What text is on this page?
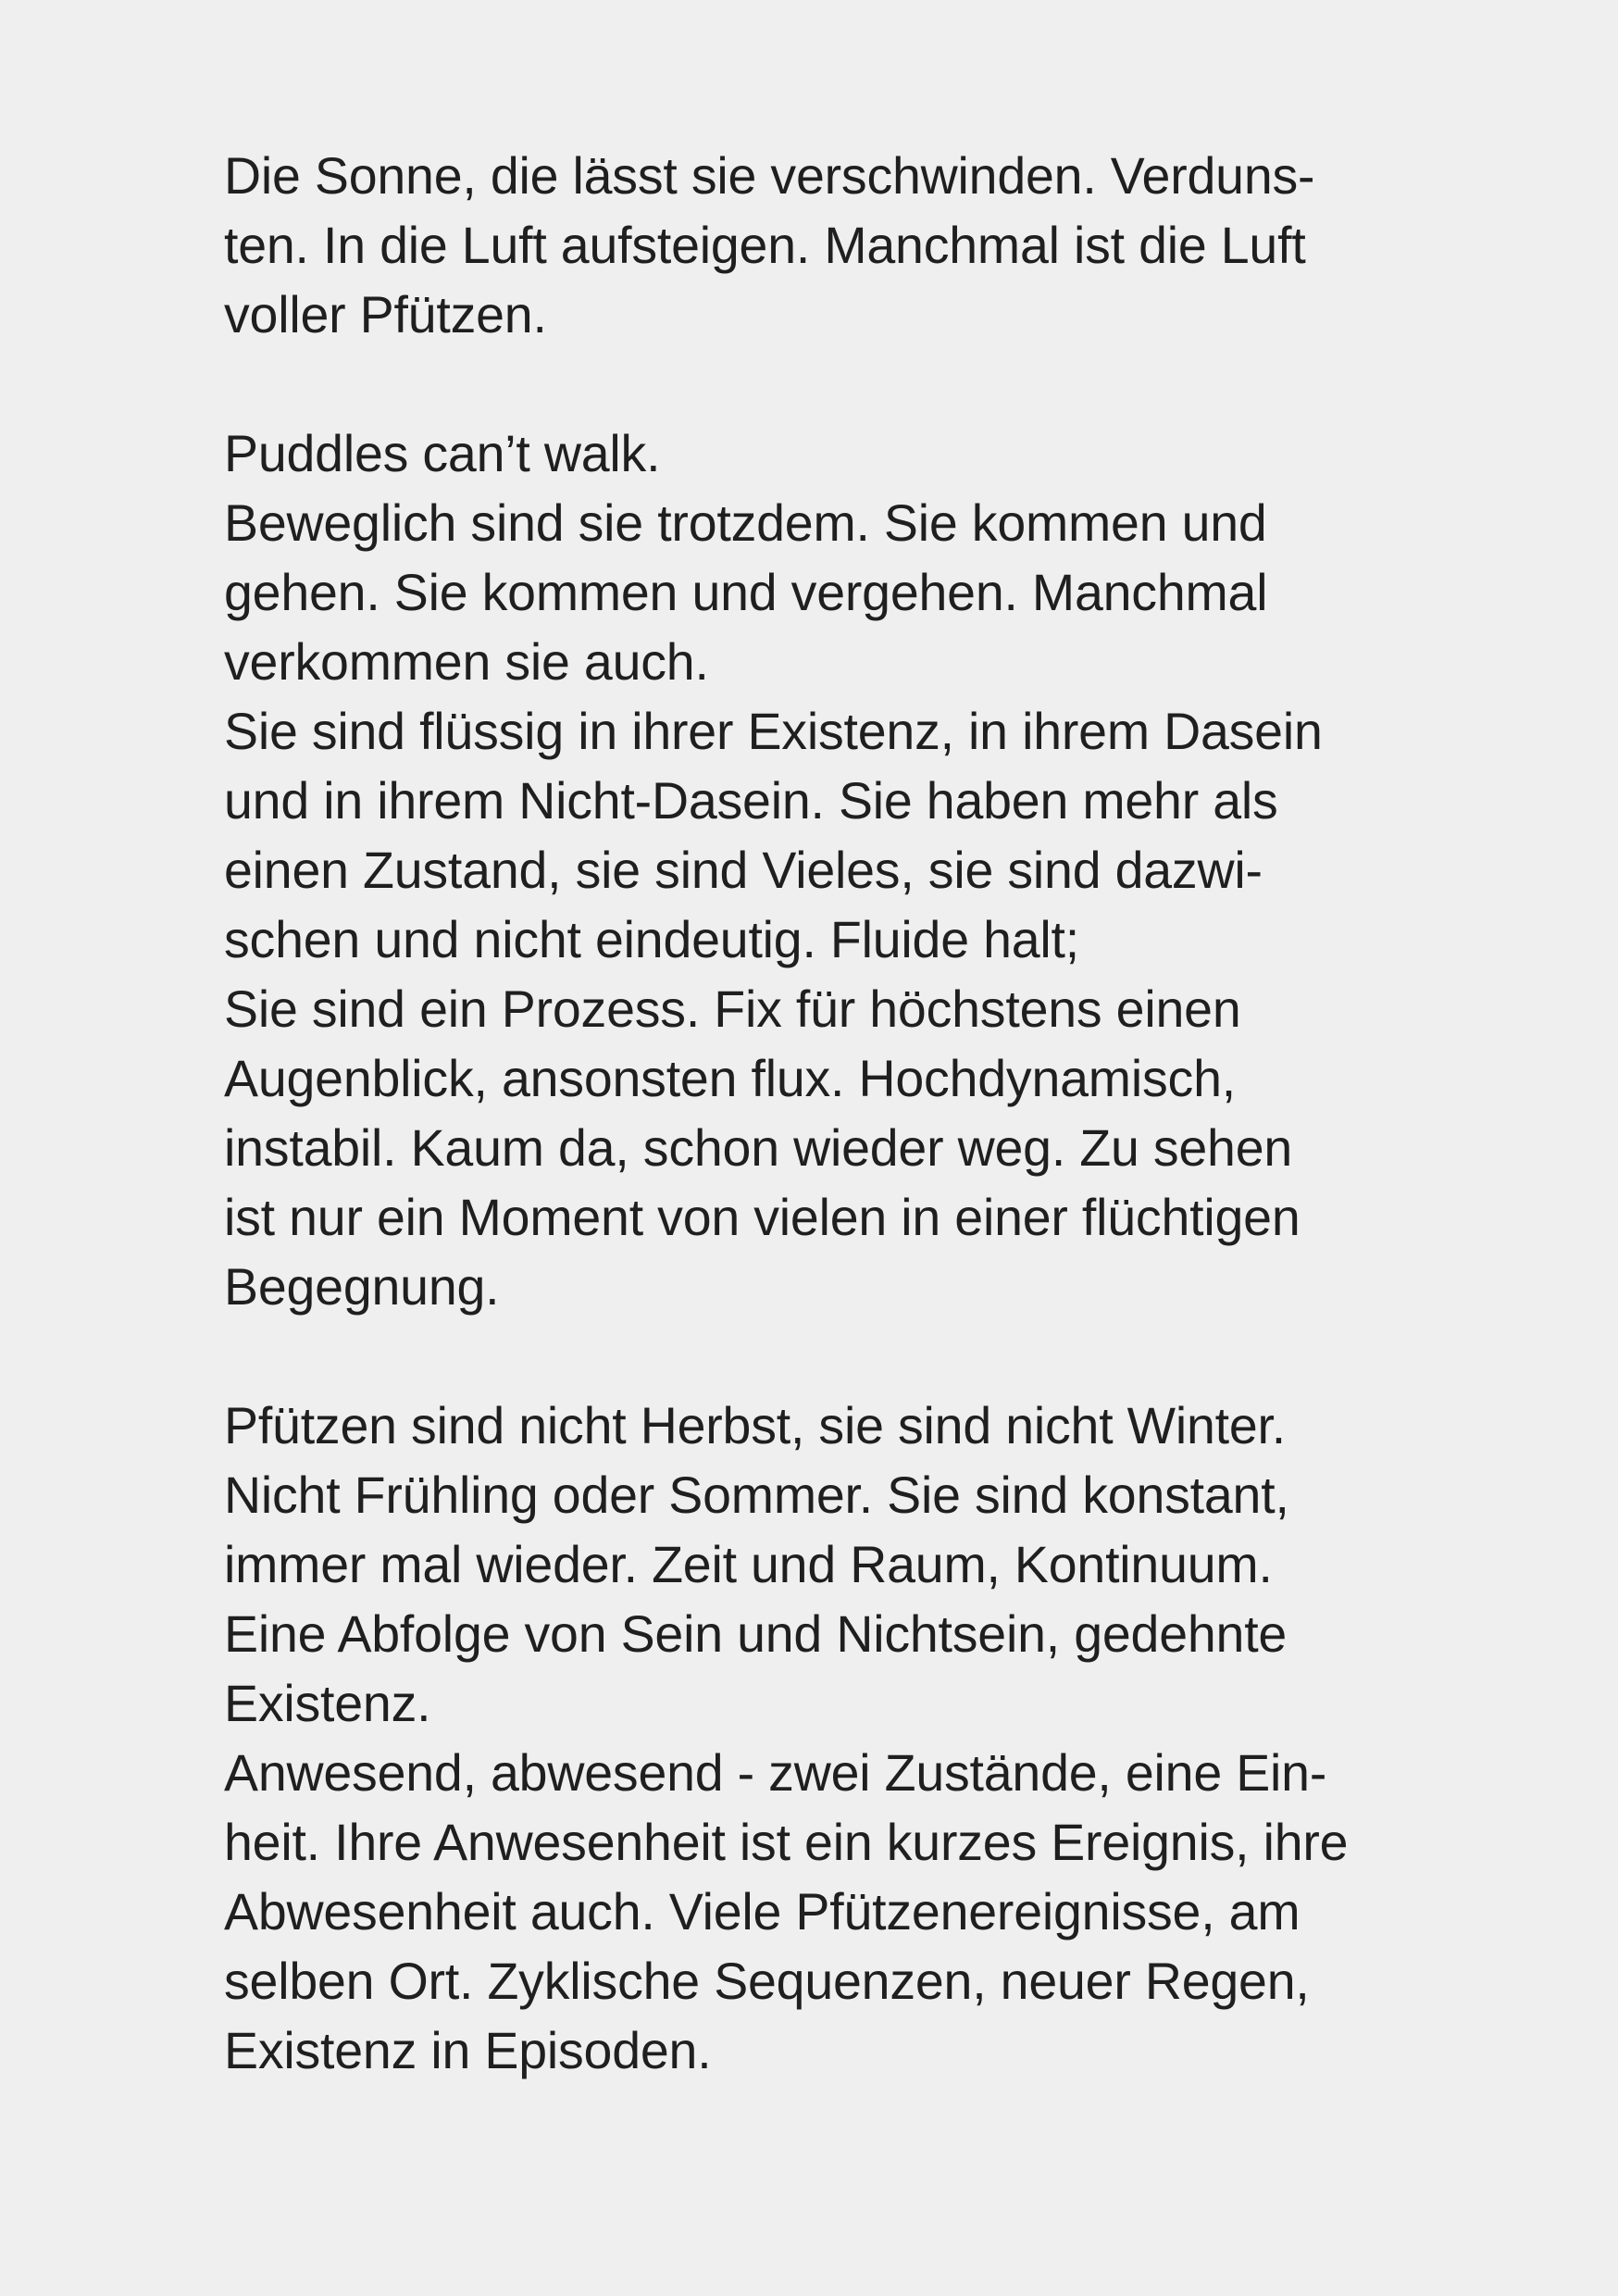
Die Sonne, die lässt sie verschwinden. Verduns-
ten. In die Luft aufsteigen. Manchmal ist die Luft
voller Pfützen.
Puddles can’t walk.
Beweglich sind sie trotzdem. Sie kommen und
gehen. Sie kommen und vergehen. Manchmal
verkommen sie auch.
Sie sind flüssig in ihrer Existenz, in ihrem Dasein
und in ihrem Nicht-Dasein. Sie haben mehr als
einen Zustand, sie sind Vieles, sie sind dazwi-
schen und nicht eindeutig. Fluide halt;
Sie sind ein Prozess. Fix für höchstens einen
Augenblick, ansonsten flux. Hochdynamisch,
instabil. Kaum da, schon wieder weg. Zu sehen
ist nur ein Moment von vielen in einer flüchtigen
Begegnung.
Pfützen sind nicht Herbst, sie sind nicht Winter.
Nicht Frühling oder Sommer. Sie sind konstant,
immer mal wieder. Zeit und Raum, Kontinuum.
Eine Abfolge von Sein und Nichtsein, gedehnte
Existenz.
Anwesend, abwesend - zwei Zustände, eine Ein-
heit. Ihre Anwesenheit ist ein kurzes Ereignis, ihre
Abwesenheit auch. Viele Pfützenereignisse, am
selben Ort. Zyklische Sequenzen, neuer Regen,
Existenz in Episoden.
